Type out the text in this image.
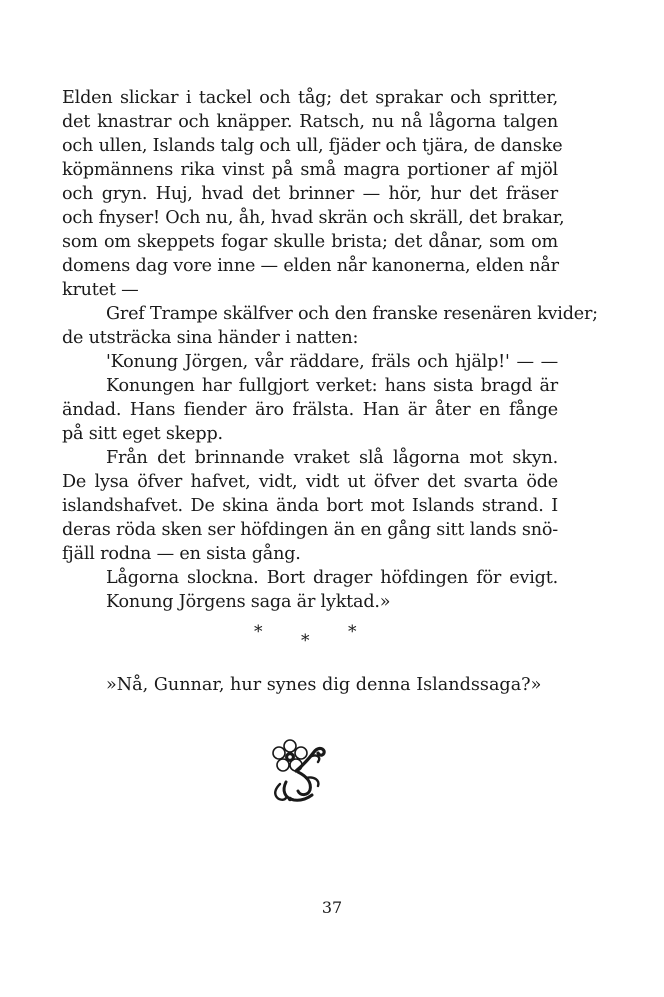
Elden slickar i tackel och tåg; det sprakar och spritter,
det knastrar och knäpper. Ratsch, nu nå lågorna talgen
och ullen, Islands talg och ull, fjäder och tjära, de danske
köpmännens rika vinst på små magra portioner af mjöl
och gryn. Huj, hvad det brinner — hör, hur det fräser
och fnyser! Och nu, åh, hvad skrän och skräll, det brakar,
som om skeppets fogar skulle brista; det dånar, som om
domens dag vore inne — elden når kanonerna, elden når
krutet —
Gref Trampe skälfver och den franske resenären kvider;
de utsträcka sina händer i natten:
'Konung Jörgen, vår räddare, fräls och hjälp!' — —
Konungen har fullgjort verket: hans sista bragd är
ändad. Hans fiender äro frälsta. Han är åter en fånge
på sitt eget skepp.
Från det brinnande vraket slå lågorna mot skyn.
De lysa öfver hafvet, vidt, vidt ut öfver det svarta öde
islandshafvet. De skina ända bort mot Islands strand. I
deras röda sken ser höfdingen än en gång sitt lands snö-
fjäll rodna — en sista gång.
Lågorna slockna. Bort drager höfdingen för evigt.
Konung Jörgens saga är lyktad.»
* * *
»Nå, Gunnar, hur synes dig denna Islandssaga?»
37
